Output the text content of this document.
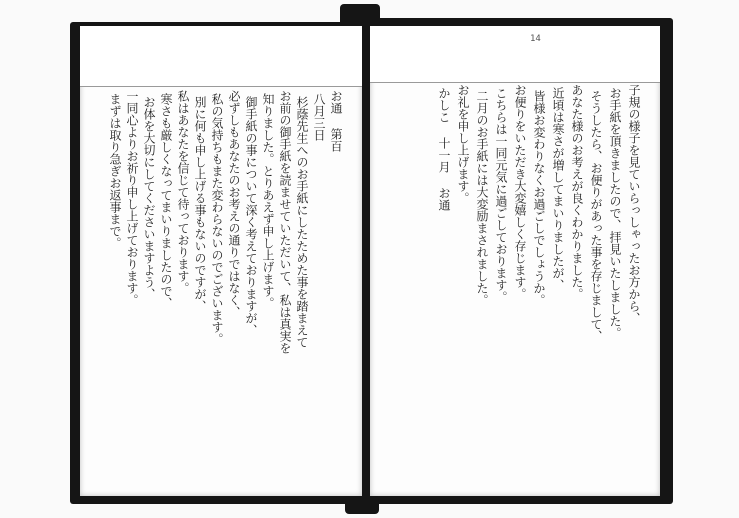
お通 第百
八月三日
杉蔭先生へのお手紙にしたためた事を踏まえて
お前の御手紙を読ませていただいて、私は真実を
知りました。とりあえず申し上げます。
御手紙の事について深く考えておりますが、
必ずしもあなたのお考えの通りではなく、
私の気持ちもまた変わらないのでございます。
別に何も申し上げる事もないのですが、
私はあなたを信じて待っております。
寒さも厳しくなってまいりましたので、
お体を大切にしてくださいますよう、
一同心よりお祈り申し上げております。
まずは取り急ぎお返事まで。
14
子規の様子を見ていらっしゃったお方から、
お手紙を頂きましたので、拝見いたしました。
そうしたら、お便りがあった事を存じまして、
あなた様のお考えが良くわかりました。
近頃は寒さが増してまいりましたが、
皆様お変わりなくお過ごしでしょうか。
お便りをいただき大変嬉しく存じます。
こちらは一同元気に過ごしております。
二月のお手紙には大変励まされました。
お礼を申し上げます。
かしこ 十一月 お通
